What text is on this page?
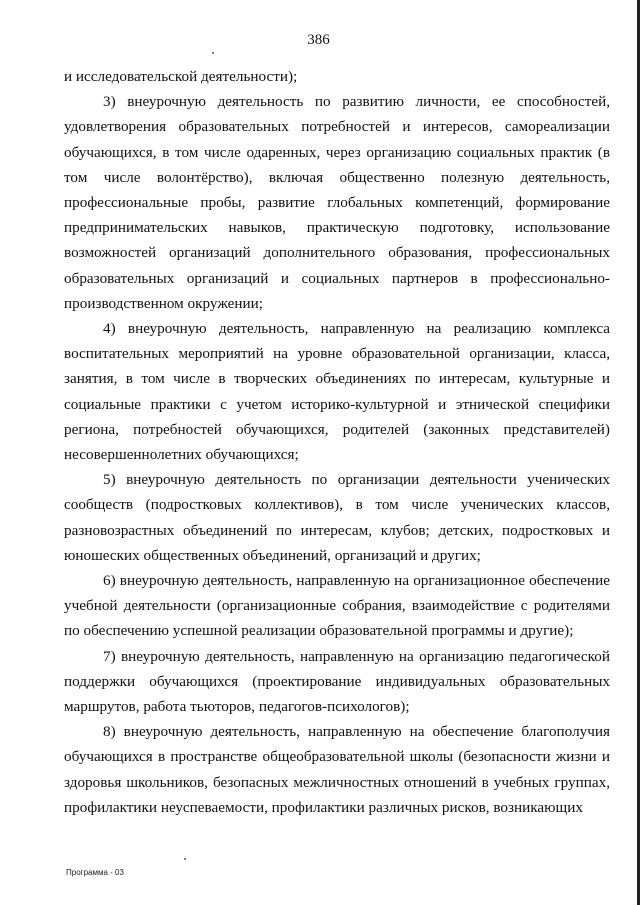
386

и исследовательской деятельности);

3) внеурочную деятельность по развитию личности, ее способностей, удовлетворения образовательных потребностей и интересов, самореализации обучающихся, в том числе одаренных, через организацию социальных практик (в том числе волонтёрство), включая общественно полезную деятельность, профессиональные пробы, развитие глобальных компетенций, формирование предпринимательских навыков, практическую подготовку, использование возможностей организаций дополнительного образования, профессиональных образовательных организаций и социальных партнеров в профессионально-производственном окружении;

4) внеурочную деятельность, направленную на реализацию комплекса воспитательных мероприятий на уровне образовательной организации, класса, занятия, в том числе в творческих объединениях по интересам, культурные и социальные практики с учетом историко-культурной и этнической специфики региона, потребностей обучающихся, родителей (законных представителей) несовершеннолетних обучающихся;

5) внеурочную деятельность по организации деятельности ученических сообществ (подростковых коллективов), в том числе ученических классов, разновозрастных объединений по интересам, клубов; детских, подростковых и юношеских общественных объединений, организаций и других;

6) внеурочную деятельность, направленную на организационное обеспечение учебной деятельности (организационные собрания, взаимодействие с родителями по обеспечению успешной реализации образовательной программы и другие);

7) внеурочную деятельность, направленную на организацию педагогической поддержки обучающихся (проектирование индивидуальных образовательных маршрутов, работа тьюторов, педагогов-психологов);

8) внеурочную деятельность, направленную на обеспечение благополучия обучающихся в пространстве общеобразовательной школы (безопасности жизни и здоровья школьников, безопасных межличностных отношений в учебных группах, профилактики неуспеваемости, профилактики различных рисков, возникающих

Программа - 03
